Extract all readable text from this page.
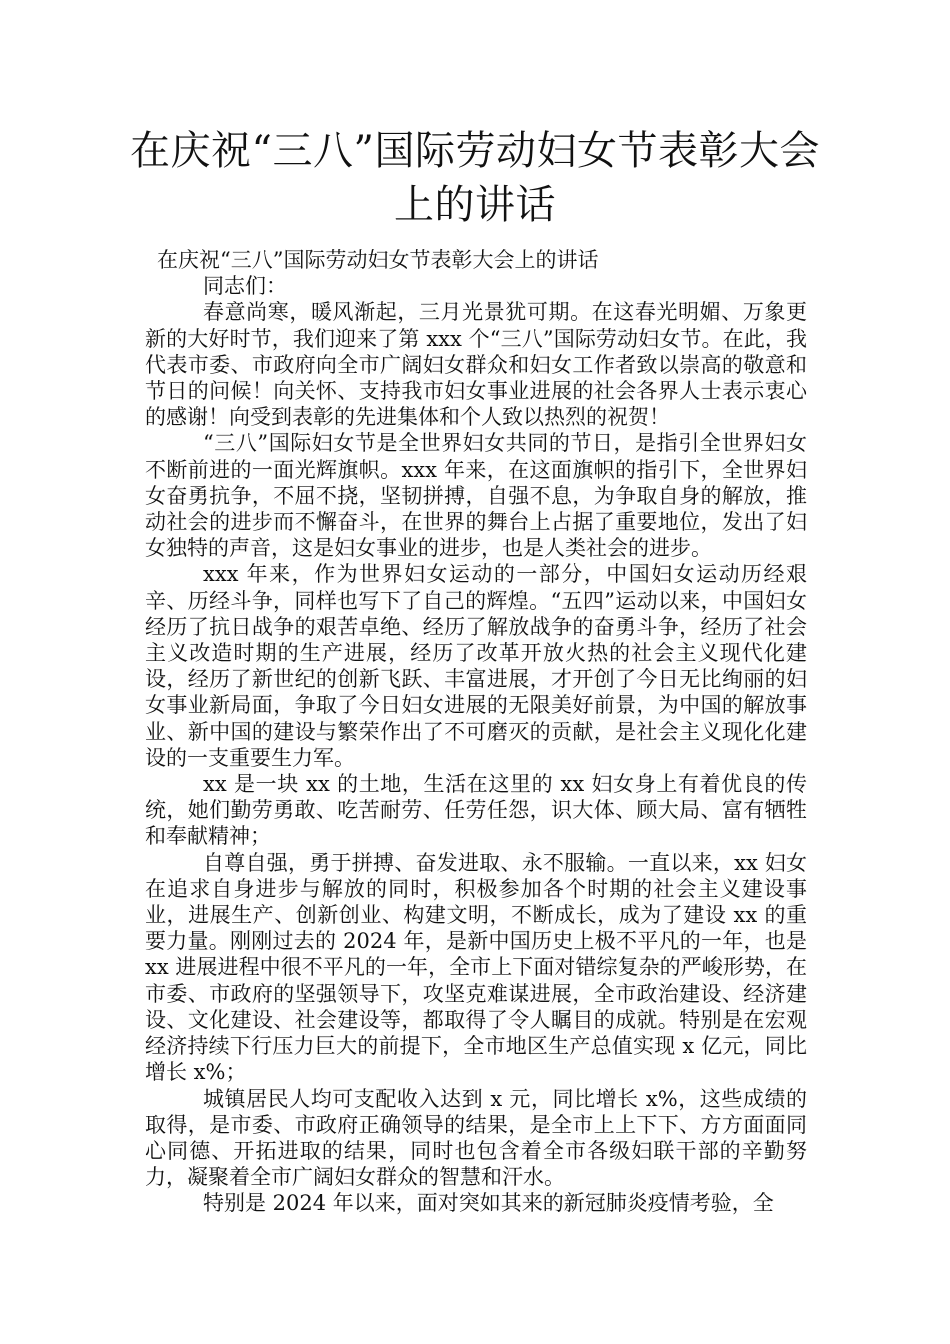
在庆祝“三八”国际劳动妇女节表彰大会上的讲话

在庆祝“三八”国际劳动妇女节表彰大会上的讲话

同志们：

春意尚寒，暖风渐起，三月光景犹可期。在这春光明媚、万象更新的大好时节，我们迎来了第 xxx 个“三八”国际劳动妇女节。在此，我代表市委、市政府向全市广阔妇女群众和妇女工作者致以崇高的敬意和节日的问候！向关怀、支持我市妇女事业进展的社会各界人士表示衷心的感谢！向受到表彰的先进集体和个人致以热烈的祝贺！

“三八”国际妇女节是全世界妇女共同的节日，是指引全世界妇女不断前进的一面光辉旗帜。xxx 年来，在这面旗帜的指引下，全世界妇女奋勇抗争，不屈不挠，坚韧拼搏，自强不息，为争取自身的解放，推动社会的进步而不懈奋斗，在世界的舞台上占据了重要地位，发出了妇女独特的声音，这是妇女事业的进步，也是人类社会的进步。

xxx 年来，作为世界妇女运动的一部分，中国妇女运动历经艰辛、历经斗争，同样也写下了自己的辉煌。“五四”运动以来，中国妇女经历了抗日战争的艰苦卓绝、经历了解放战争的奋勇斗争，经历了社会主义改造时期的生产进展，经历了改革开放火热的社会主义现代化建设，经历了新世纪的创新飞跃、丰富进展，才开创了今日无比绚丽的妇女事业新局面，争取了今日妇女进展的无限美好前景，为中国的解放事业、新中国的建设与繁荣作出了不可磨灭的贡献，是社会主义现化化建设的一支重要生力军。

xx 是一块 xx 的土地，生活在这里的 xx 妇女身上有着优良的传统，她们勤劳勇敢、吃苦耐劳、任劳任怨，识大体、顾大局、富有牺牲和奉献精神；

自尊自强，勇于拼搏、奋发进取、永不服输。一直以来，xx 妇女在追求自身进步与解放的同时，积极参加各个时期的社会主义建设事业，进展生产、创新创业、构建文明，不断成长，成为了建设 xx 的重要力量。刚刚过去的 2024 年，是新中国历史上极不平凡的一年，也是 xx 进展进程中很不平凡的一年，全市上下面对错综复杂的严峻形势，在市委、市政府的坚强领导下，攻坚克难谋进展，全市政治建设、经济建设、文化建设、社会建设等，都取得了令人瞩目的成就。特别是在宏观经济持续下行压力巨大的前提下，全市地区生产总值实现 x 亿元，同比增长 x%；

城镇居民人均可支配收入达到 x 元，同比增长 x%，这些成绩的取得，是市委、市政府正确领导的结果，是全市上上下下、方方面面同心同德、开拓进取的结果，同时也包含着全市各级妇联干部的辛勤努力，凝聚着全市广阔妇女群众的智慧和汗水。

特别是 2024 年以来，面对突如其来的新冠肺炎疫情考验，全
